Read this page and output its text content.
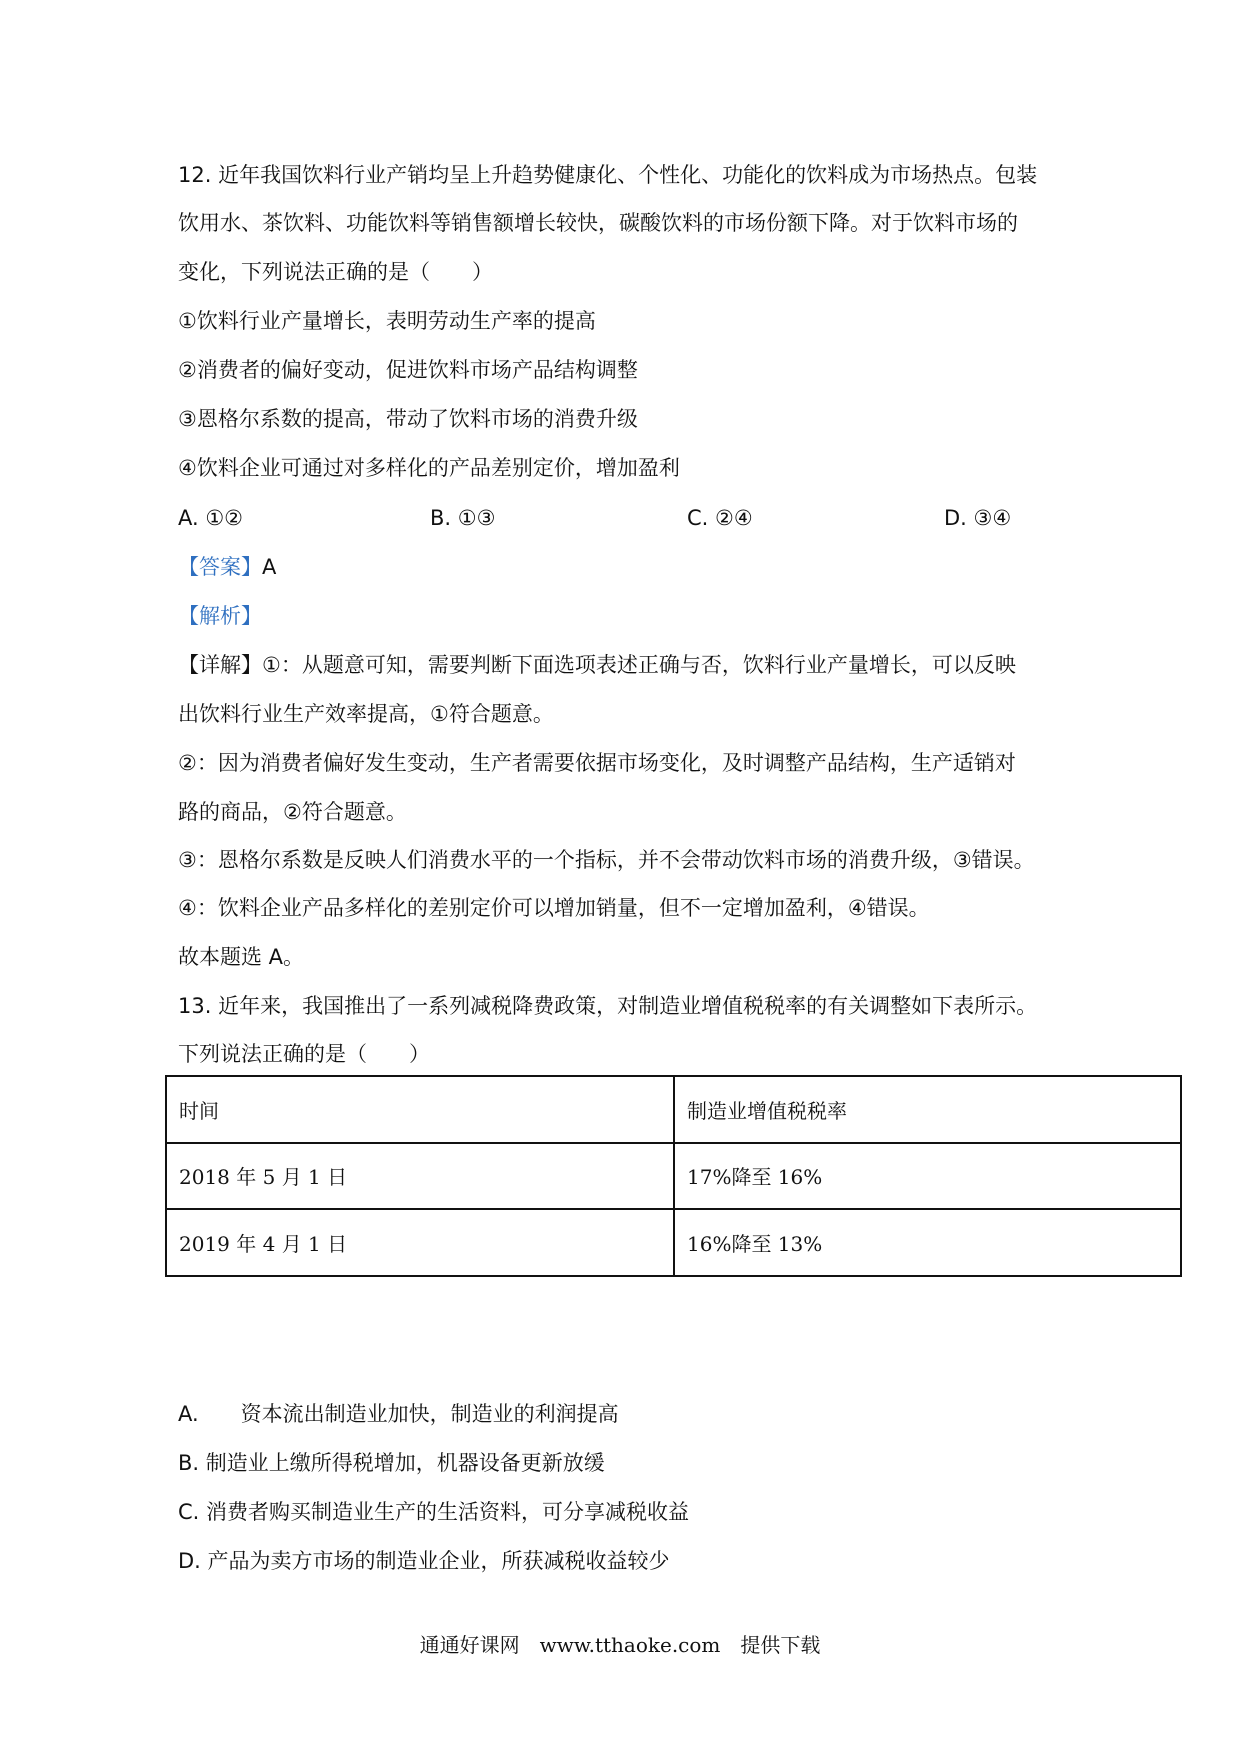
12. 近年我国饮料行业产销均呈上升趋势健康化、个性化、功能化的饮料成为市场热点。包装
饮用水、茶饮料、功能饮料等销售额增长较快，碳酸饮料的市场份额下降。对于饮料市场的
变化，下列说法正确的是（　　）
①饮料行业产量增长，表明劳动生产率的提高
②消费者的偏好变动，促进饮料市场产品结构调整
③恩格尔系数的提高，带动了饮料市场的消费升级
④饮料企业可通过对多样化的产品差别定价，增加盈利
A. ①②	B. ①③	C. ②④	D. ③④
【答案】A
【解析】
【详解】①：从题意可知，需要判断下面选项表述正确与否，饮料行业产量增长，可以反映
出饮料行业生产效率提高，①符合题意。
②：因为消费者偏好发生变动，生产者需要依据市场变化，及时调整产品结构，生产适销对
路的商品，②符合题意。
③：恩格尔系数是反映人们消费水平的一个指标，并不会带动饮料市场的消费升级，③错误。
④：饮料企业产品多样化的差别定价可以增加销量，但不一定增加盈利，④错误。
故本题选 A。
13. 近年来，我国推出了一系列减税降费政策，对制造业增值税税率的有关调整如下表所示。
下列说法正确的是（　　）
时间	制造业增值税税率
2018 年 5 月 1 日	17%降至 16%
2019 年 4 月 1 日	16%降至 13%
A.　　资本流出制造业加快，制造业的利润提高
B. 制造业上缴所得税增加，机器设备更新放缓
C. 消费者购买制造业生产的生活资料，可分享减税收益
D. 产品为卖方市场的制造业企业，所获减税收益较少
通通好课网　www.tthaoke.com　提供下载
